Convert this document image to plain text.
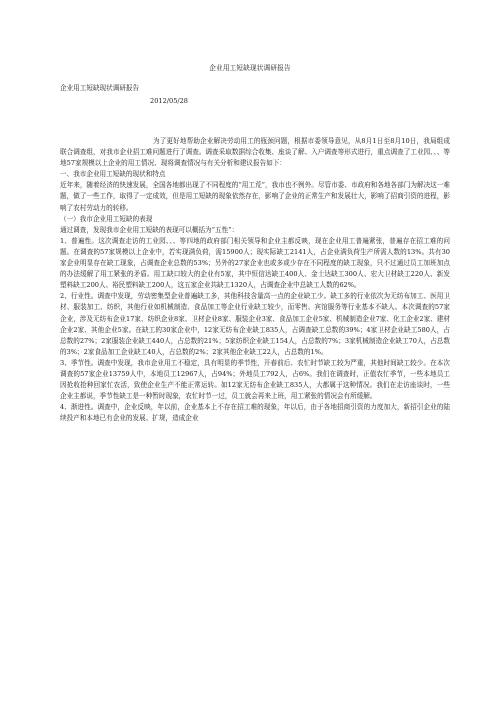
企业用工短缺现状调研报告
企业用工短缺现状调研报告
2012/05/28

为了更好地帮助企业解决劳动用工的瓶颈问题，根据市委领导意见，从8月1日至8月10日，我局组成联合调查组，对我市企业招工难问题进行了调查。调查采取数据综合收集、座谈了解、入户调查等形式进行，重点调查了工业园、、、等地57家规模以上企业的用工情况、现将调查情况与有关分析和建议报告如下：

一、我市企业用工短缺的现状和特点

近年来，随着经济的快速发展，全国各地都出现了不同程度的“用工荒”，我市也不例外。尽管市委、市政府和各地各部门为解决这一难题，做了一些工作，取得了一定成效，但是用工短缺的现象依然存在，影响了企业的正常生产和发展壮大，影响了招商引资的进程，影响了农村劳动力的转移。

（一）我市企业用工短缺的表现

通过调查，发现我市企业用工短缺的表现可以概括为“五性”：

1、普遍性。这次调查走访的工业园、、、等四地的政府部门相关领导和企业主都反映，现在企业用工普遍紧张，普遍存在招工难的问题。在调查的57家规模以上企业中，若实现满负荷，需15900人；现实际缺工2141人，占企业满负荷生产所需人数的13%。共有30家企业明显存在缺工现象，占调查企业总数的53%；另外的27家企业也或多或少存在不同程度的缺工现象，只不过通过员工加班加点的办法缓解了用工紧张的矛盾。用工缺口较大的企业有5家，其中恒信达缺工400人、金士达缺工300人、宏大卫材缺工220人、新发塑料缺工200人、裕民塑料缺工200人，这五家企业共缺工1320人，占调查企业中总缺工人数的62%。

2、行业性。调查中发现，劳动密集型企业普遍缺工多，其他科技含量高一点的企业缺工少。缺工多的行业依次为无纺布加工、医用卫材、服装加工、纺织，其他行业如机械制造、食品加工等企业行业缺工较少，而零售、宾馆服务等行业基本不缺人。本次调查的57家企业，涉及无纺布企业17家、纺织企业8家、卫材企业8家、服装企业3家、食品加工企业5家、机械制造企业7家、化工企业2家、建材企业2家、其他企业5家。在缺工的30家企业中，12家无纺布企业缺工835人，占调查缺工总数的39%；4家卫材企业缺工580人，占总数的27%；2家服装企业缺工440人，占总数的21%；5家纺织企业缺工154人，占总数的7%；3家机械制造企业缺工70人，占总数的3%；2家食品加工企业缺工40人，占总数的2%；2家其他企业缺工22人，占总数的1%。

3、季节性。调查中发现，我市企业用工不稳定，具有明显的季节性，开春前后、农忙时节缺工较为严重，其他时间缺工较少。在本次调查的57家企业13759人中，本地员工12967人，占94%；外地员工792人，占6%。我们在调查时，正值农忙季节，一些本地员工因抢收抢种回家忙农活，致使企业生产不能正常运转。如12家无纺布企业缺工835人，大都属于这种情况。我们在走访座谈时，一些企业主都说，季节性缺工是一种暂时现象，农忙时节一过，员工就会再来上班，用工紧张的情况会有所缓解。

4、渐进性。调查中，企业反映，年以前，企业基本上不存在招工难的现象，年以后，由于各地招商引资的力度加大，新招引企业的陆续投产和本地已有企业的发展、扩规，造成企业
